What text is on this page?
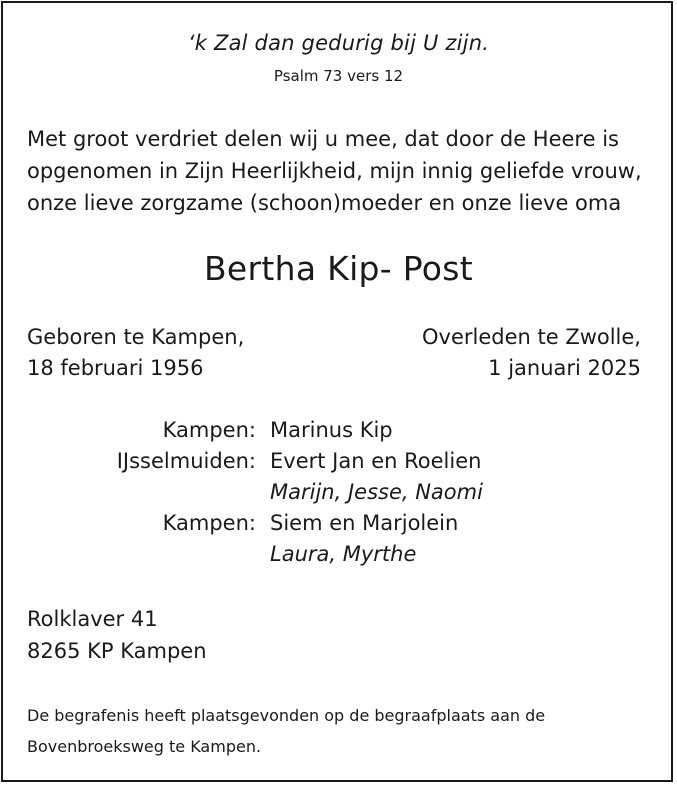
‘k Zal dan gedurig bij U zijn.
Psalm 73 vers 12
Met groot verdriet delen wij u mee, dat door de Heere is
opgenomen in Zijn Heerlijkheid, mijn innig geliefde vrouw,
onze lieve zorgzame (schoon)moeder en onze lieve oma
Bertha Kip- Post
Geboren te Kampen,
18 februari 1956
Overleden te Zwolle,
1 januari 2025
Kampen: Marinus Kip
IJsselmuiden: Evert Jan en Roelien
Marijn, Jesse, Naomi
Kampen: Siem en Marjolein
Laura, Myrthe
Rolklaver 41
8265 KP Kampen
De begrafenis heeft plaatsgevonden op de begraafplaats aan de
Bovenbroeksweg te Kampen.
